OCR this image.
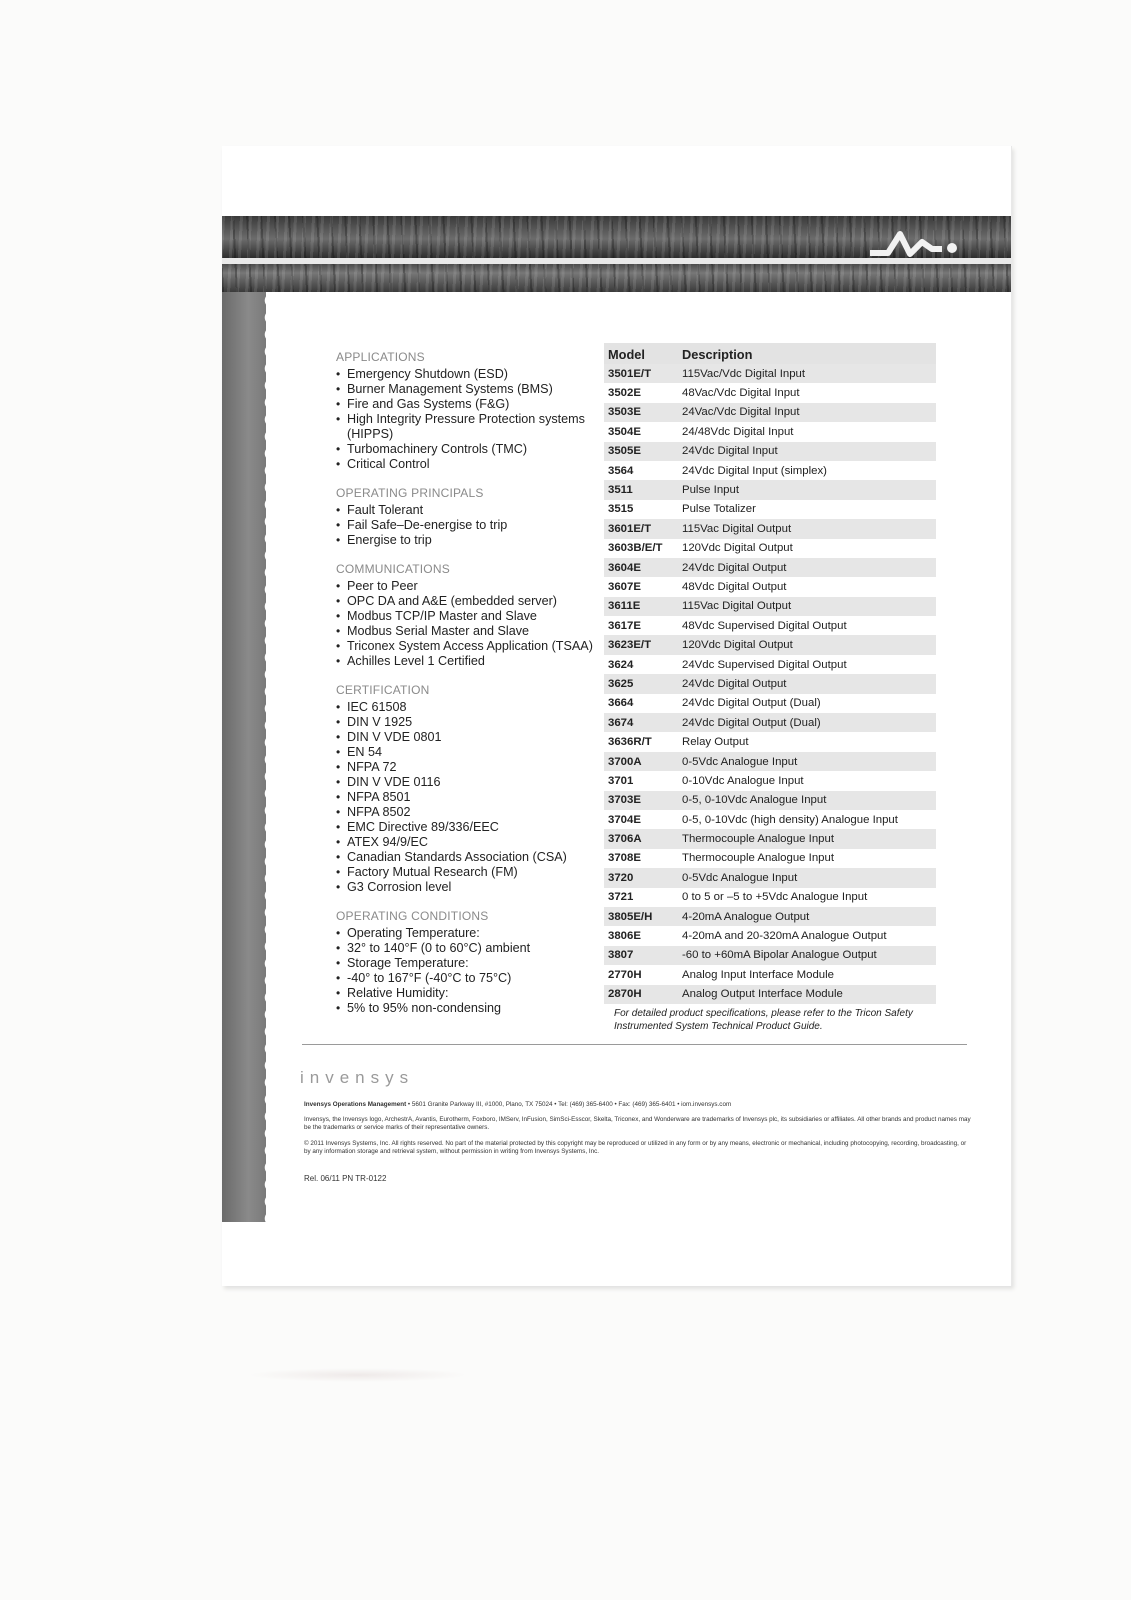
APPLICATIONS
• Emergency Shutdown (ESD)
• Burner Management Systems (BMS)
• Fire and Gas Systems (F&G)
• High Integrity Pressure Protection systems (HIPPS)
• Turbomachinery Controls (TMC)
• Critical Control
OPERATING PRINCIPALS
• Fault Tolerant
• Fail Safe–De-energise to trip
• Energise to trip
COMMUNICATIONS
• Peer to Peer
• OPC DA and A&E (embedded server)
• Modbus TCP/IP Master and Slave
• Modbus Serial Master and Slave
• Triconex System Access Application (TSAA)
• Achilles Level 1 Certified
CERTIFICATION
• IEC 61508
• DIN V 1925
• DIN V VDE 0801
• EN 54
• NFPA 72
• DIN V VDE 0116
• NFPA 8501
• NFPA 8502
• EMC Directive 89/336/EEC
• ATEX 94/9/EC
• Canadian Standards Association (CSA)
• Factory Mutual Research (FM)
• G3 Corrosion level
OPERATING CONDITIONS
• Operating Temperature:
• 32° to 140°F (0 to 60°C) ambient
• Storage Temperature:
• -40° to 167°F (-40°C to 75°C)
• Relative Humidity:
• 5% to 95% non-condensing
Model	Description
3501E/T	115Vac/Vdc Digital Input
3502E	48Vac/Vdc Digital Input
3503E	24Vac/Vdc Digital Input
3504E	24/48Vdc Digital Input
3505E	24Vdc Digital Input
3564	24Vdc Digital Input (simplex)
3511	Pulse Input
3515	Pulse Totalizer
3601E/T	115Vac Digital Output
3603B/E/T	120Vdc Digital Output
3604E	24Vdc Digital Output
3607E	48Vdc Digital Output
3611E	115Vac Digital Output
3617E	48Vdc Supervised Digital Output
3623E/T	120Vdc Digital Output
3624	24Vdc Supervised Digital Output
3625	24Vdc Digital Output
3664	24Vdc Digital Output (Dual)
3674	24Vdc Digital Output (Dual)
3636R/T	Relay Output
3700A	0-5Vdc Analogue Input
3701	0-10Vdc Analogue Input
3703E	0-5, 0-10Vdc Analogue Input
3704E	0-5, 0-10Vdc (high density) Analogue Input
3706A	Thermocouple Analogue Input
3708E	Thermocouple Analogue Input
3720	0-5Vdc Analogue Input
3721	0 to 5 or –5 to +5Vdc Analogue Input
3805E/H	4-20mA Analogue Output
3806E	4-20mA and 20-320mA Analogue Output
3807	-60 to +60mA Bipolar Analogue Output
2770H	Analog Input Interface Module
2870H	Analog Output Interface Module
For detailed product specifications, please refer to the Tricon Safety Instrumented System Technical Product Guide.
invensys
Invensys Operations Management • 5601 Granite Parkway III, #1000, Plano, TX 75024 • Tel: (469) 365-6400 • Fax: (469) 365-6401 • iom.invensys.com
Invensys, the Invensys logo, ArchestrA, Avantis, Eurotherm, Foxboro, IMServ, InFusion, SimSci-Esscor, Skelta, Triconex, and Wonderware are trademarks of Invensys plc, its subsidiaries or affiliates. All other brands and product names may be the trademarks or service marks of their representative owners.
© 2011 Invensys Systems, Inc. All rights reserved. No part of the material protected by this copyright may be reproduced or utilized in any form or by any means, electronic or mechanical, including photocopying, recording, broadcasting, or by any information storage and retrieval system, without permission in writing from Invensys Systems, Inc.
Rel. 06/11 PN TR-0122
